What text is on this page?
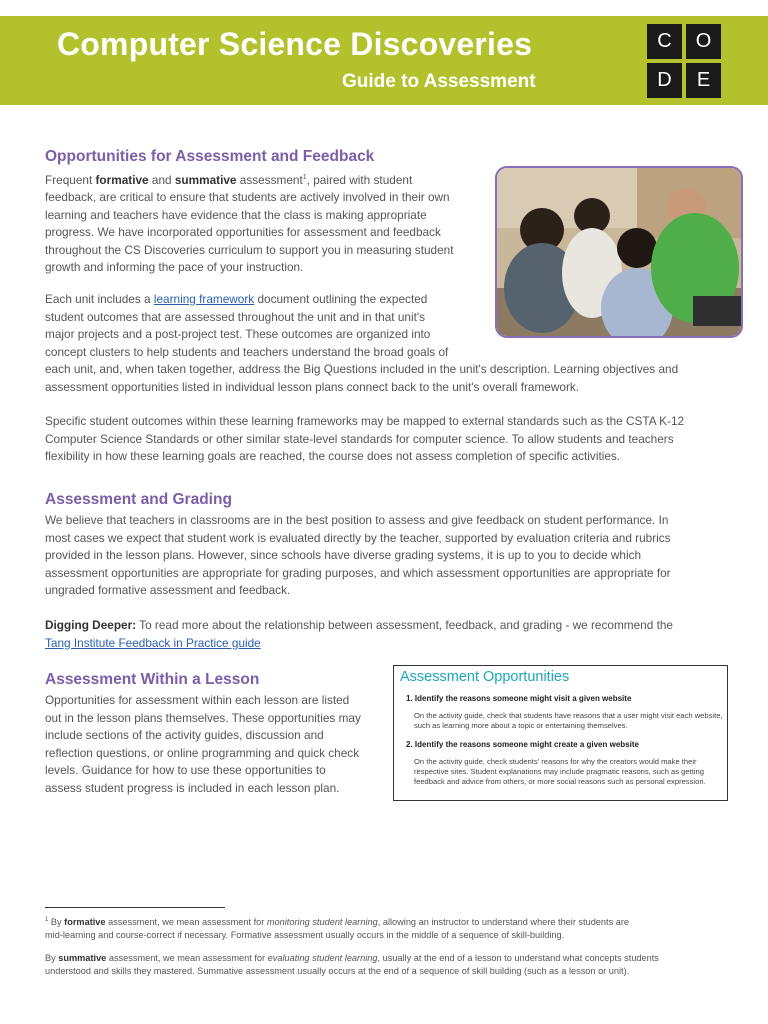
Computer Science Discoveries
Guide to Assessment
C	O
D	E
Opportunities for Assessment and Feedback
Frequent formative and summative assessment$^1$, paired with student
feedback, are critical to ensure that students are actively involved in their own
learning and teachers have evidence that the class is making appropriate
progress. We have incorporated opportunities for assessment and feedback
throughout the CS Discoveries curriculum to support you in measuring student
growth and informing the pace of your instruction.
Each unit includes a learning framework document outlining the expected
student outcomes that are assessed throughout the unit and in that unit's
major projects and a post-project test. These outcomes are organized into
concept clusters to help students and teachers understand the broad goals of
each unit, and, when taken together, address the Big Questions included in the unit's description. Learning objectives and
assessment opportunities listed in individual lesson plans connect back to the unit's overall framework.
Specific student outcomes within these learning frameworks may be mapped to external standards such as the CSTA K-12
Computer Science Standards or other similar state-level standards for computer science. To allow students and teachers
flexibility in how these learning goals are reached, the course does not assess completion of specific activities.
Assessment and Grading
We believe that teachers in classrooms are in the best position to assess and give feedback on student performance. In
most cases we expect that student work is evaluated directly by the teacher, supported by evaluation criteria and rubrics
provided in the lesson plans. However, since schools have diverse grading systems, it is up to you to decide which
assessment opportunities are appropriate for grading purposes, and which assessment opportunities are appropriate for
ungraded formative assessment and feedback.
Digging Deeper: To read more about the relationship between assessment, feedback, and grading - we recommend the
Tang Institute Feedback in Practice guide
Assessment Within a Lesson
Opportunities for assessment within each lesson are listed
out in the lesson plans themselves. These opportunities may
include sections of the activity guides, discussion and
reflection questions, or online programming and quick check
levels. Guidance for how to use these opportunities to
assess student progress is included in each lesson plan.
Assessment Opportunities
1. Identify the reasons someone might visit a given website
On the activity guide, check that students have reasons that a user might visit each website, such as learning more about a topic or entertaining themselves.
2. Identify the reasons someone might create a given website
On the activity guide, check students' reasons for why the creators would make their respective sites. Student explanations may include pragmatic reasons, such as getting feedback and advice from others, or more social reasons such as personal expression.
$^1$ By formative assessment, we mean assessment for monitoring student learning, allowing an instructor to understand where their students are
mid-learning and course-correct if necessary. Formative assessment usually occurs in the middle of a sequence of skill-building.
By summative assessment, we mean assessment for evaluating student learning, usually at the end of a lesson to understand what concepts students
understood and skills they mastered. Summative assessment usually occurs at the end of a sequence of skill building (such as a lesson or unit).
